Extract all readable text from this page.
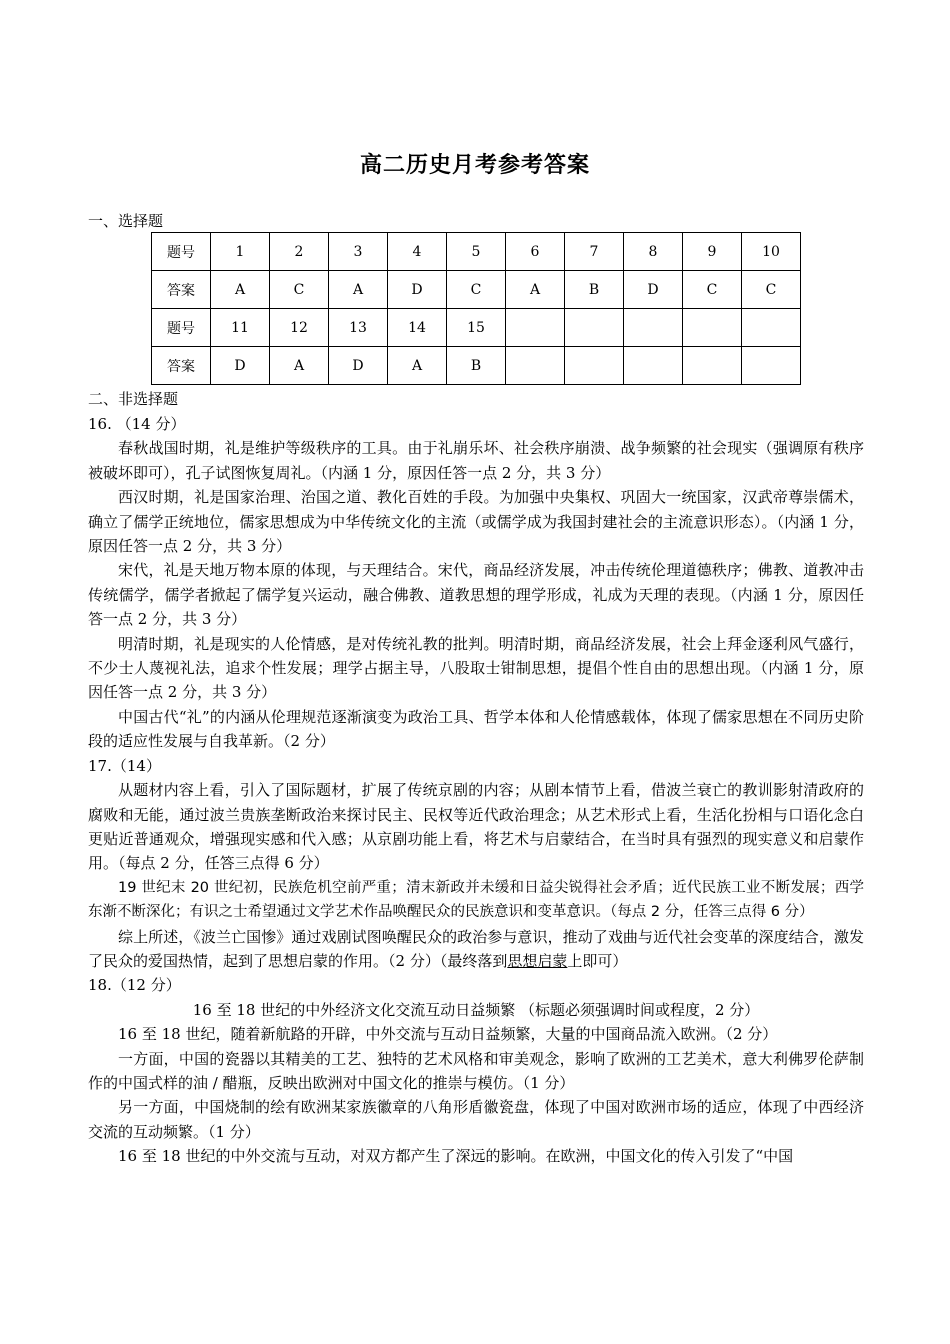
高二历史月考参考答案
一、选择题
题号	1	2	3	4	5	6	7	8	9	10
答案	A	C	A	D	C	A	B	D	C	C
题号	11	12	13	14	15					
答案	D	A	D	A	B					
二、非选择题

16. （14 分）

春秋战国时期，礼是维护等级秩序的工具。由于礼崩乐坏、社会秩序崩溃、战争频繁的社会现实（强调原有秩序被破坏即可），孔子试图恢复周礼。（内涵 1 分，原因任答一点 2 分，共 3 分）

西汉时期，礼是国家治理、治国之道、教化百姓的手段。为加强中央集权、巩固大一统国家，汉武帝尊崇儒术，确立了儒学正统地位，儒家思想成为中华传统文化的主流（或儒学成为我国封建社会的主流意识形态）。（内涵 1 分，原因任答一点 2 分，共 3 分）

宋代，礼是天地万物本原的体现，与天理结合。宋代，商品经济发展，冲击传统伦理道德秩序；佛教、道教冲击传统儒学，儒学者掀起了儒学复兴运动，融合佛教、道教思想的理学形成，礼成为天理的表现。（内涵 1 分，原因任答一点 2 分，共 3 分）

明清时期，礼是现实的人伦情感，是对传统礼教的批判。明清时期，商品经济发展，社会上拜金逐利风气盛行，不少士人蔑视礼法，追求个性发展；理学占据主导，八股取士钳制思想，提倡个性自由的思想出现。（内涵 1 分，原因任答一点 2 分，共 3 分）

中国古代“礼”的内涵从伦理规范逐渐演变为政治工具、哲学本体和人伦情感载体，体现了儒家思想在不同历史阶段的适应性发展与自我革新。（2 分）

17.（14）

从题材内容上看，引入了国际题材，扩展了传统京剧的内容；从剧本情节上看，借波兰衰亡的教训影射清政府的腐败和无能，通过波兰贵族垄断政治来探讨民主、民权等近代政治理念；从艺术形式上看，生活化扮相与口语化念白更贴近普通观众，增强现实感和代入感；从京剧功能上看，将艺术与启蒙结合，在当时具有强烈的现实意义和启蒙作用。（每点 2 分，任答三点得 6 分）

19 世纪末 20 世纪初，民族危机空前严重；清末新政并未缓和日益尖锐得社会矛盾；近代民族工业不断发展；西学东渐不断深化；有识之士希望通过文学艺术作品唤醒民众的民族意识和变革意识。（每点 2 分，任答三点得 6 分）

综上所述，《波兰亡国惨》通过戏剧试图唤醒民众的政治参与意识，推动了戏曲与近代社会变革的深度结合，激发了民众的爱国热情，起到了思想启蒙的作用。（2 分）（最终落到思想启蒙上即可）

18.（12 分）

16 至 18 世纪的中外经济文化交流互动日益频繁 （标题必须强调时间或程度，2 分）

16 至 18 世纪，随着新航路的开辟，中外交流与互动日益频繁，大量的中国商品流入欧洲。（2 分）

一方面，中国的瓷器以其精美的工艺、独特的艺术风格和审美观念，影响了欧洲的工艺美术，意大利佛罗伦萨制作的中国式样的油 / 醋瓶，反映出欧洲对中国文化的推崇与模仿。（1 分）

另一方面，中国烧制的绘有欧洲某家族徽章的八角形盾徽瓷盘，体现了中国对欧洲市场的适应，体现了中西经济交流的互动频繁。（1 分）

16 至 18 世纪的中外交流与互动，对双方都产生了深远的影响。在欧洲，中国文化的传入引发了“中国
